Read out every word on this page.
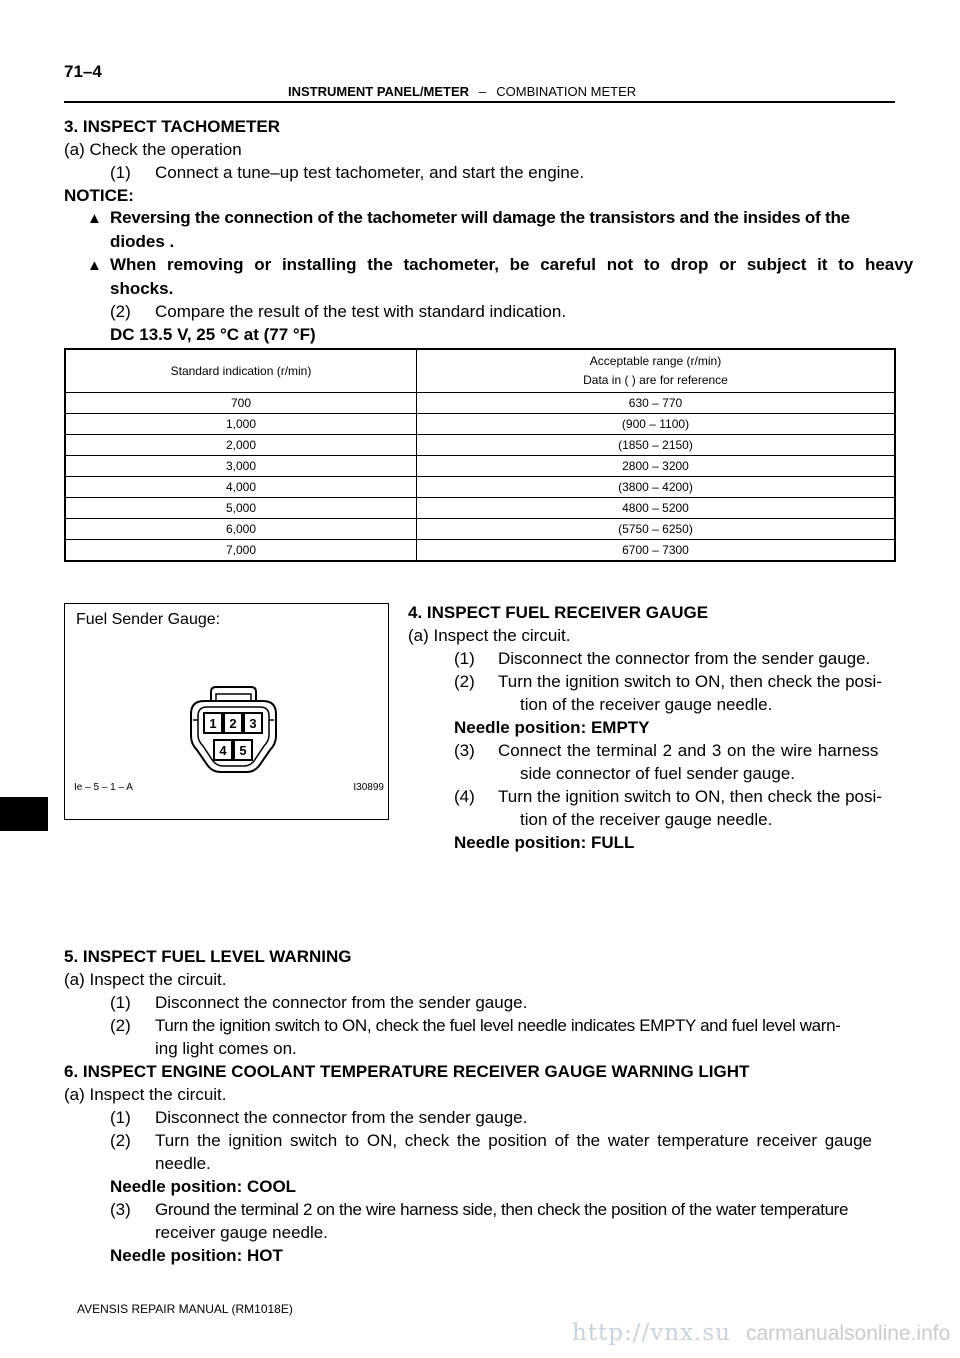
71–4
INSTRUMENT PANEL/METER – COMBINATION METER
3. INSPECT TACHOMETER
(a) Check the operation
(1) Connect a tune–up test tachometer, and start the engine.
NOTICE:
▲ Reversing the connection of the tachometer will damage the transistors and the insides of the
diodes .
▲ When removing or installing the tachometer, be careful not to drop or subject it to heavy
shocks.
(2) Compare the result of the test with standard indication.
DC 13.5 V, 25 °C at (77 °F)
Standard indication (r/min)	Acceptable range (r/min)
Data in ( ) are for reference

700	630 – 770
1,000	(900 – 1100)
2,000	(1850 – 2150)
3,000	2800 – 3200
4,000	(3800 – 4200)
5,000	4800 – 5200
6,000	(5750 – 6250)
7,000	6700 – 7300
Fuel Sender Gauge:
1 2 3
4 5
Ie – 5 – 1 – A	I30899
4. INSPECT FUEL RECEIVER GAUGE
(a) Inspect the circuit.
(1) Disconnect the connector from the sender gauge.
(2) Turn the ignition switch to ON, then check the posi-
tion of the receiver gauge needle.
Needle position: EMPTY
(3) Connect the terminal 2 and 3 on the wire harness
side connector of fuel sender gauge.
(4) Turn the ignition switch to ON, then check the posi-
tion of the receiver gauge needle.
Needle position: FULL
5. INSPECT FUEL LEVEL WARNING
(a) Inspect the circuit.
(1) Disconnect the connector from the sender gauge.
(2) Turn the ignition switch to ON, check the fuel level needle indicates EMPTY and fuel level warn-
ing light comes on.
6. INSPECT ENGINE COOLANT TEMPERATURE RECEIVER GAUGE WARNING LIGHT
(a) Inspect the circuit.
(1) Disconnect the connector from the sender gauge.
(2) Turn the ignition switch to ON, check the position of the water temperature receiver gauge
needle.
Needle position: COOL
(3) Ground the terminal 2 on the wire harness side, then check the position of the water temperature
receiver gauge needle.
Needle position: HOT
AVENSIS REPAIR MANUAL (RM1018E)
http://vnx.su carmanualsonline.info
